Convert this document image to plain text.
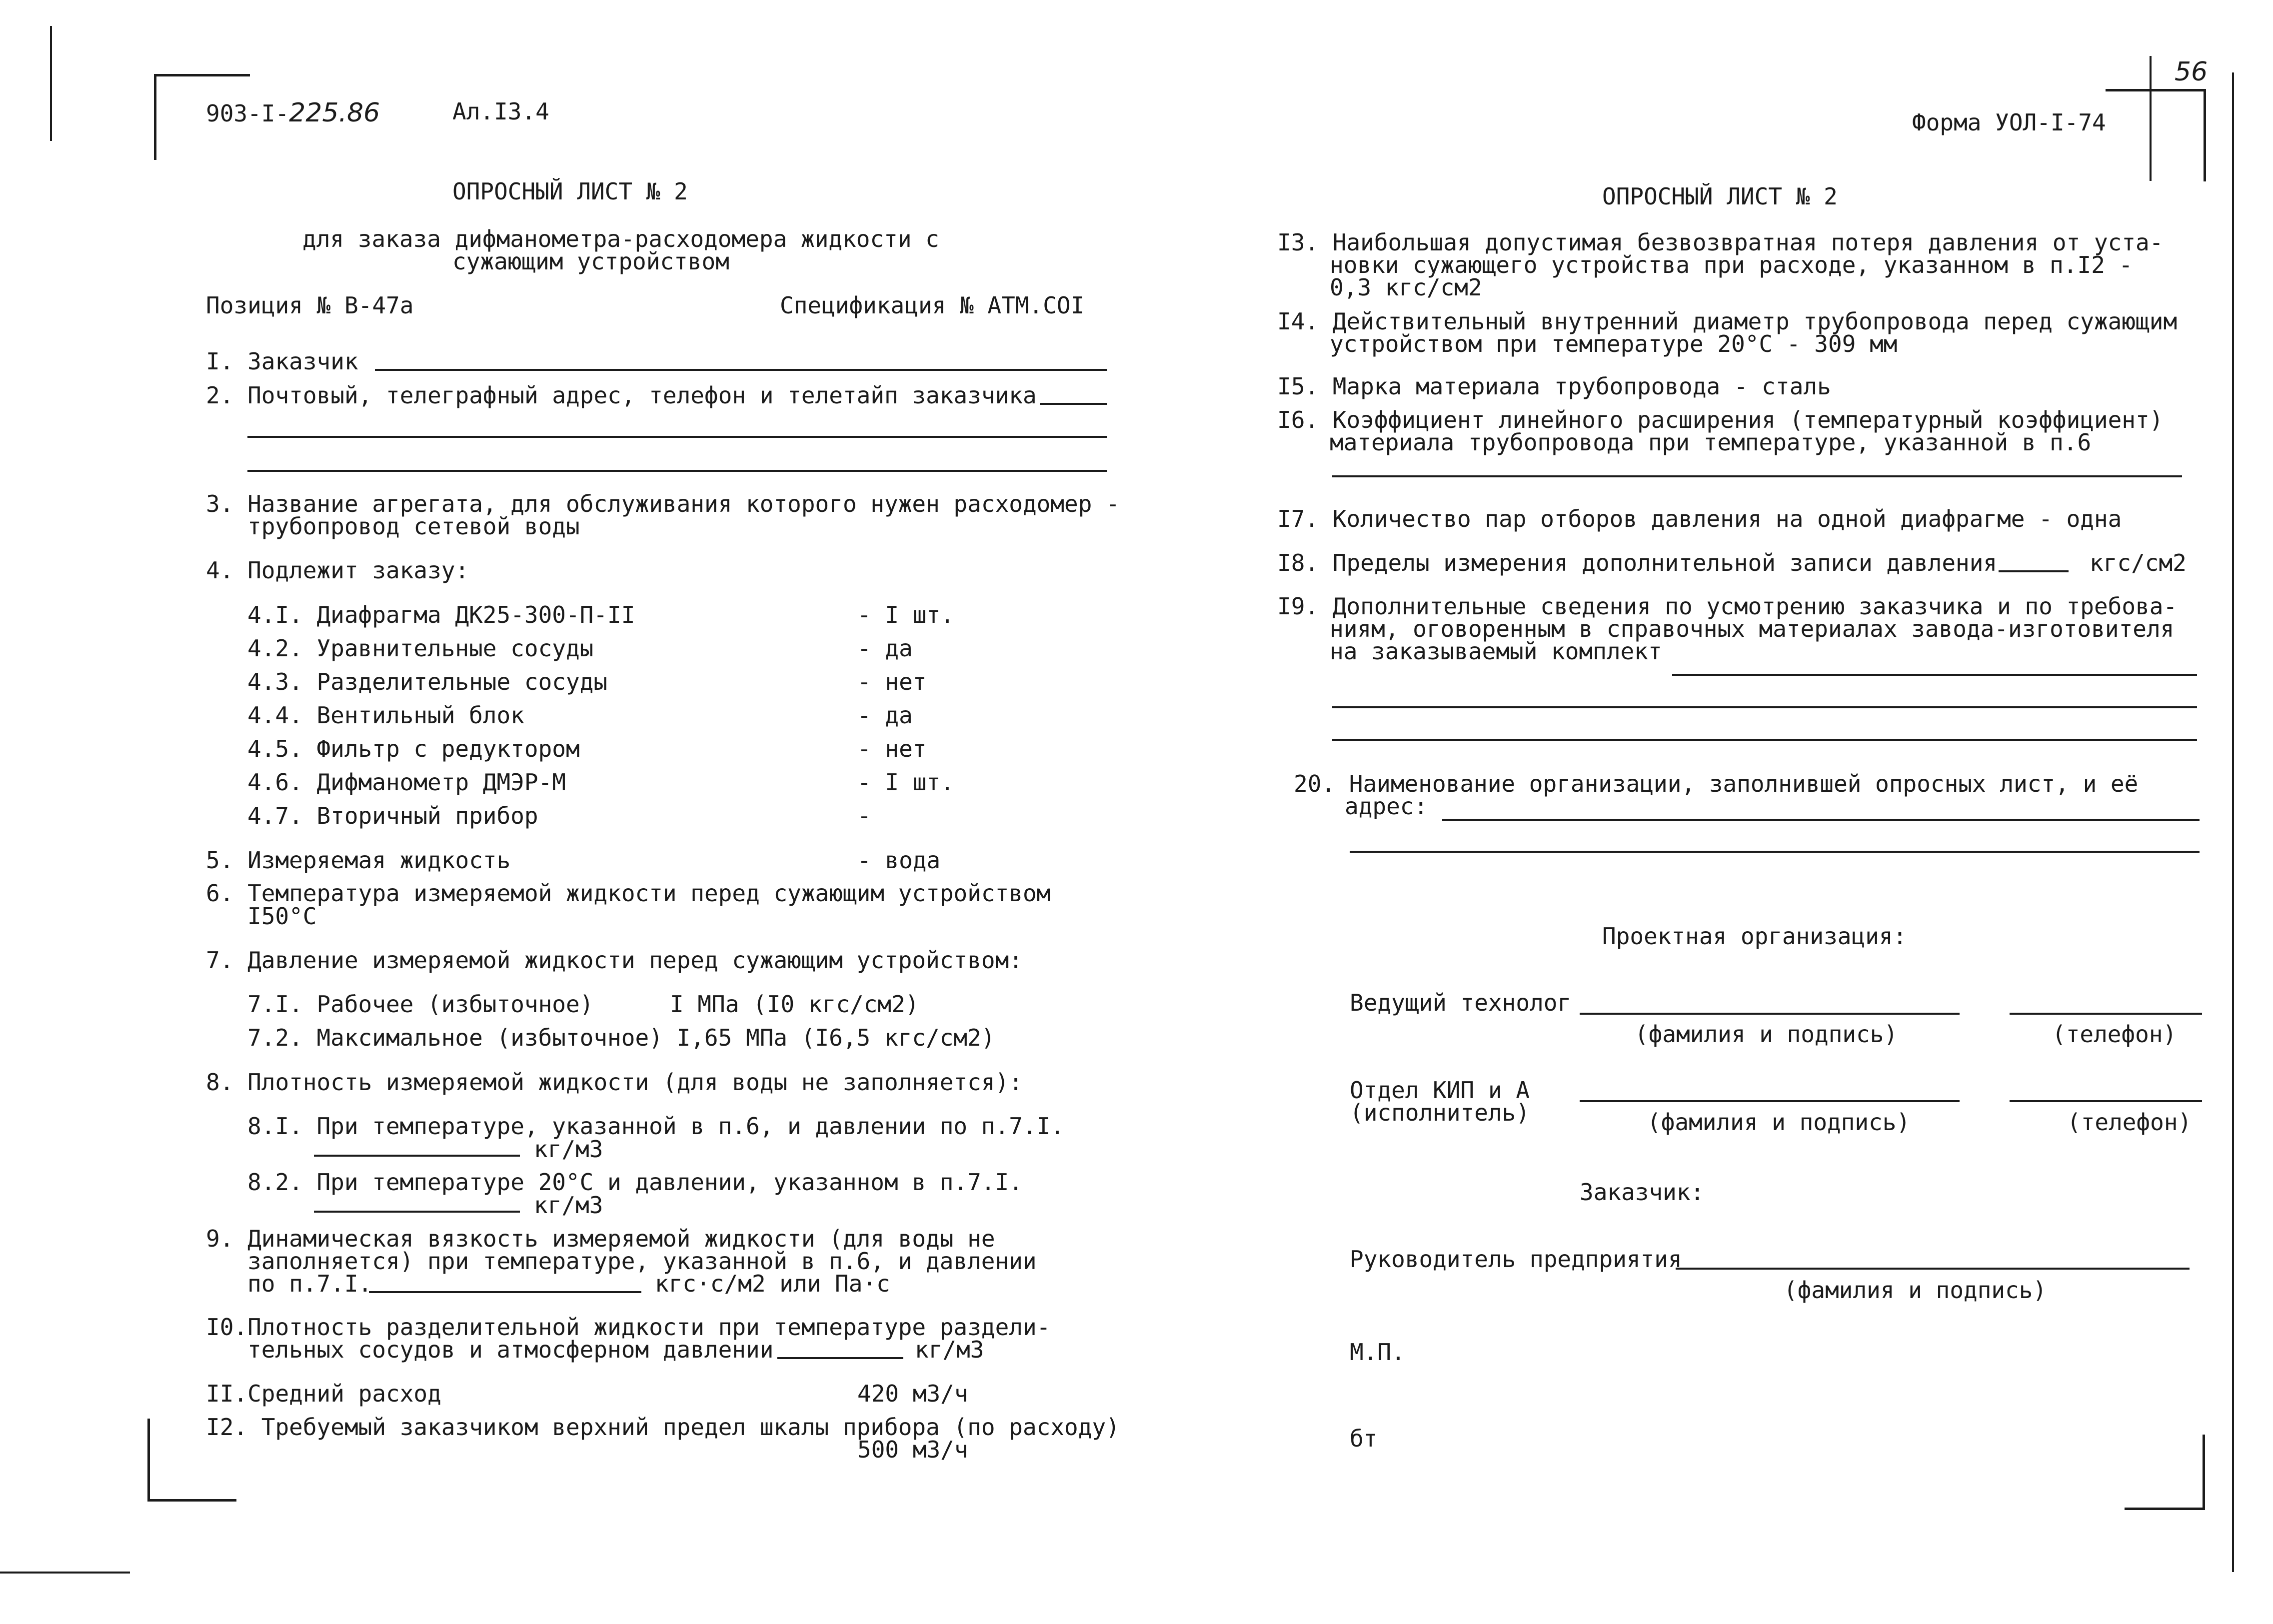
903-I-225.86	Ал.I3.4
ОПРОСНЫЙ ЛИСТ № 2
для заказа дифманометра-расходомера жидкости с
сужающим устройством
Позиция № В-47а	Спецификация № АТМ.COI
I. Заказчик
2. Почтовый, телеграфный адрес, телефон и телетайп заказчика
3. Название агрегата, для обслуживания которого нужен расходомер -
трубопровод сетевой воды
4. Подлежит заказу:
4.I. Диафрагма ДК25-300-П-II	- I шт.
4.2. Уравнительные сосуды	- да
4.3. Разделительные сосуды	- нет
4.4. Вентильный блок	- да
4.5. Фильтр с редуктором	- нет
4.6. Дифманометр ДМЭР-М	- I шт.
4.7. Вторичный прибор	-
5. Измеряемая жидкость	- вода
6. Температура измеряемой жидкости перед сужающим устройством
I50°С
7. Давление измеряемой жидкости перед сужающим устройством:
7.I. Рабочее (избыточное)	I МПа (I0 кгс/см2)
7.2. Максимальное (избыточное) I,65 МПа (I6,5 кгс/см2)
8. Плотность измеряемой жидкости (для воды не заполняется):
8.I. При температуре, указанной в п.6, и давлении по п.7.I.
кг/м3
8.2. При температуре 20°С и давлении, указанном в п.7.I.
кг/м3
9. Динамическая вязкость измеряемой жидкости (для воды не
заполняется) при температуре, указанной в п.6, и давлении
по п.7.I.	кгс·с/м2 или Па·с
I0.Плотность разделительной жидкости при температуре раздели-
тельных сосудов и атмосферном давлении	кг/м3
II.Средний расход	420 м3/ч
I2. Требуемый заказчиком верхний предел шкалы прибора (по расходу)
500 м3/ч
56
Форма УОЛ-I-74
ОПРОСНЫЙ ЛИСТ № 2
I3. Наибольшая допустимая безвозвратная потеря давления от уста-
новки сужающего устройства при расходе, указанном в п.I2 -
0,3 кгс/см2
I4. Действительный внутренний диаметр трубопровода перед сужающим
устройством при температуре 20°С - 309 мм
I5. Марка материала трубопровода - сталь
I6. Коэффициент линейного расширения (температурный коэффициент)
материала трубопровода при температуре, указанной в п.6
I7. Количество пар отборов давления на одной диафрагме - одна
I8. Пределы измерения дополнительной записи давления	кгс/см2
I9. Дополнительные сведения по усмотрению заказчика и по требова-
ниям, оговоренным в справочных материалах завода-изготовителя
на заказываемый комплект
20. Наименование организации, заполнившей опросных лист, и её
адрес:
Проектная организация:
Ведущий технолог
(фамилия и подпись)	(телефон)
Отдел КИП и А
(исполнитель)	(фамилия и подпись)	(телефон)
Заказчик:
Руководитель предприятия
(фамилия и подпись)
М.П.
бт
